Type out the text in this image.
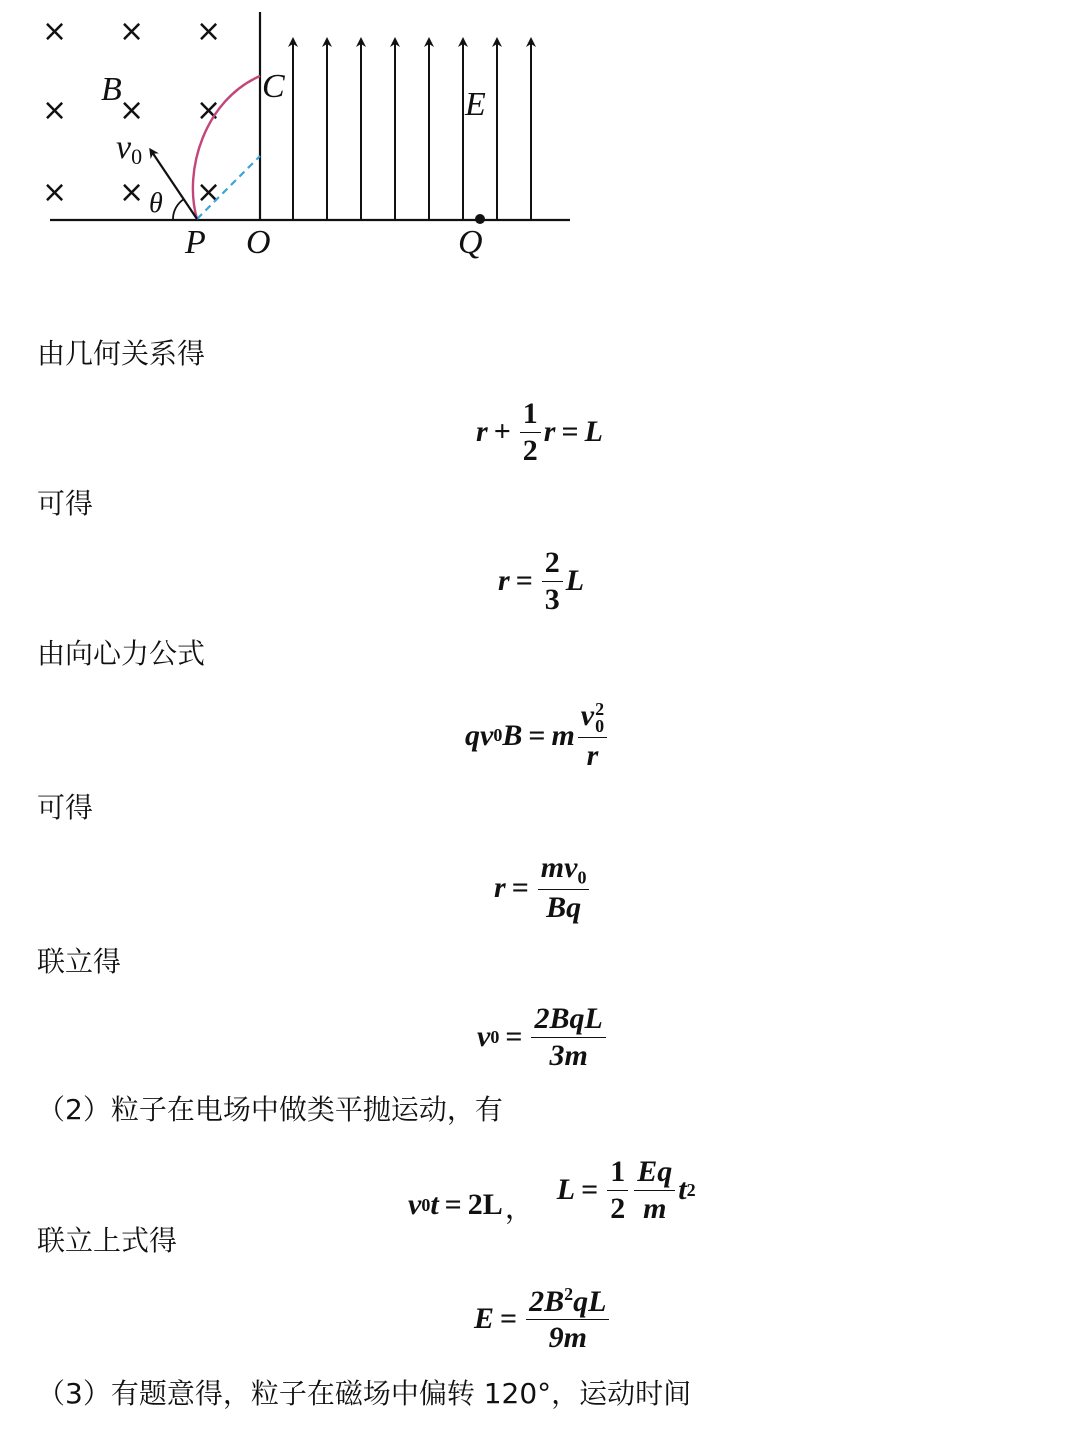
× × ×
× × ×
× × ×
B
v0
θ
C	E
P O	Q
由几何关系得
$r + \frac{1}{2}$ r = L
可得
$r = \frac{2}{3}$ L
由向心力公式
q v 0 B = m v 2
0
r
可得
$r = \frac{mv_0}{Bq}$
联立得
v $0 = \frac{\text{2BqL}}{3m}$
（2）粒子在电场中做类平抛运动，有
v 0 t = 2L ，
$L = \frac{1}{2} \frac{Eq}{m}$ t 2
联立上式得
$E = \frac{2B^2qL}{9m}$
（3）有题意得，粒子在磁场中偏转 120°，运动时间
